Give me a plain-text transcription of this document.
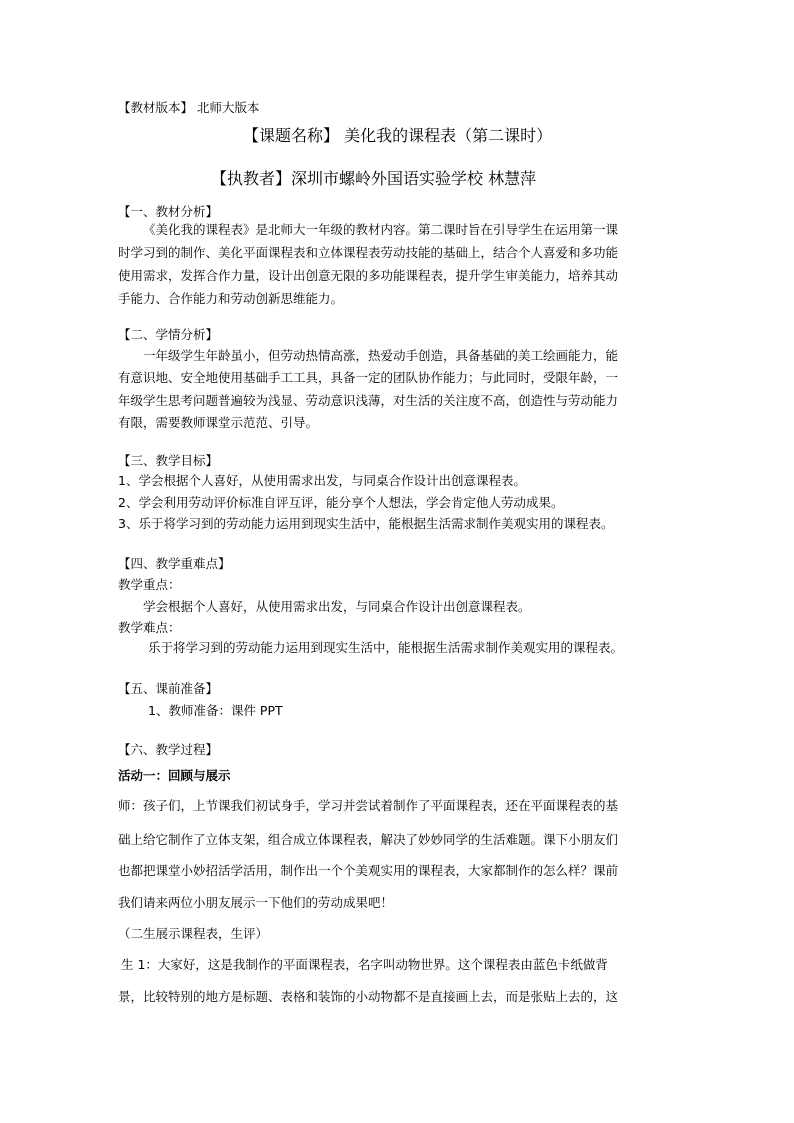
【教材版本】 北师大版本
【课题名称】 美化我的课程表（第二课时）
【执教者】深圳市螺岭外国语实验学校 林慧萍
【一、教材分析】
《美化我的课程表》是北师大一年级的教材内容。第二课时旨在引导学生在运用第一课
时学习到的制作、美化平面课程表和立体课程表劳动技能的基础上，结合个人喜爱和多功能
使用需求，发挥合作力量，设计出创意无限的多功能课程表，提升学生审美能力，培养其动
手能力、合作能力和劳动创新思维能力。
【二、学情分析】
一年级学生年龄虽小，但劳动热情高涨，热爱动手创造，具备基础的美工绘画能力，能
有意识地、安全地使用基础手工工具，具备一定的团队协作能力；与此同时，受限年龄，一
年级学生思考问题普遍较为浅显、劳动意识浅薄，对生活的关注度不高，创造性与劳动能力
有限，需要教师课堂示范范、引导。
【三、教学目标】
1、学会根据个人喜好，从使用需求出发，与同桌合作设计出创意课程表。
2、学会利用劳动评价标准自评互评，能分享个人想法，学会肯定他人劳动成果。
3、乐于将学习到的劳动能力运用到现实生活中，能根据生活需求制作美观实用的课程表。
【四、教学重难点】
教学重点：
学会根据个人喜好，从使用需求出发，与同桌合作设计出创意课程表。
教学难点：
乐于将学习到的劳动能力运用到现实生活中，能根据生活需求制作美观实用的课程表。
【五、课前准备】
1、教师准备：课件 PPT
【六、教学过程】
活动一：回顾与展示
师：孩子们，上节课我们初试身手，学习并尝试着制作了平面课程表，还在平面课程表的基
础上给它制作了立体支架，组合成立体课程表，解决了妙妙同学的生活难题。课下小朋友们
也都把课堂小妙招活学活用，制作出一个个美观实用的课程表，大家都制作的怎么样？课前
我们请来两位小朋友展示一下他们的劳动成果吧！
（二生展示课程表，生评）
生 1：大家好，这是我制作的平面课程表，名字叫动物世界。这个课程表由蓝色卡纸做背
景，比较特别的地方是标题、表格和装饰的小动物都不是直接画上去，而是张贴上去的，这
